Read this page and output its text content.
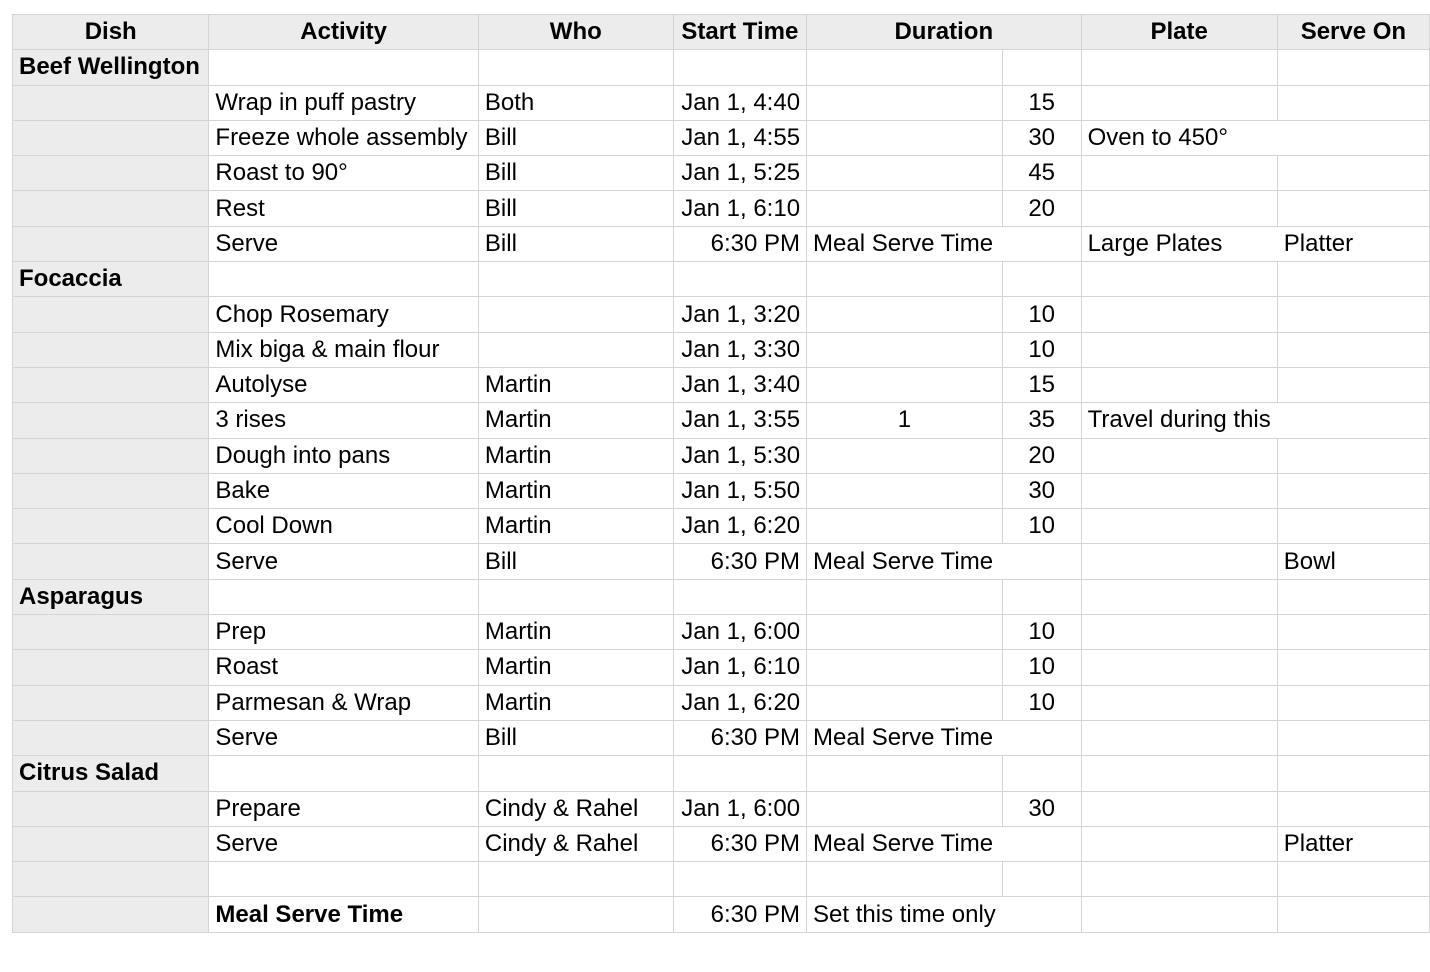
Dish	Activity	Who	Start Time	Duration		Plate	Serve On
Beef Wellington							
	Wrap in puff pastry	Both	Jan 1, 4:40		15		
	Freeze whole assembly	Bill	Jan 1, 4:55		30	Oven to 450°	
	Roast to 90°	Bill	Jan 1, 5:25		45		
	Rest	Bill	Jan 1, 6:10		20		
	Serve	Bill	6:30 PM	Meal Serve Time		Large Plates	Platter
Focaccia							
	Chop Rosemary		Jan 1, 3:20		10		
	Mix biga & main flour		Jan 1, 3:30		10		
	Autolyse	Martin	Jan 1, 3:40		15		
	3 rises	Martin	Jan 1, 3:55	1	35	Travel during this	
	Dough into pans	Martin	Jan 1, 5:30		20		
	Bake	Martin	Jan 1, 5:50		30		
	Cool Down	Martin	Jan 1, 6:20		10		
	Serve	Bill	6:30 PM	Meal Serve Time			Bowl
Asparagus							
	Prep	Martin	Jan 1, 6:00		10		
	Roast	Martin	Jan 1, 6:10		10		
	Parmesan & Wrap	Martin	Jan 1, 6:20		10		
	Serve	Bill	6:30 PM	Meal Serve Time			
Citrus Salad							
	Prepare	Cindy & Rahel	Jan 1, 6:00		30		
	Serve	Cindy & Rahel	6:30 PM	Meal Serve Time			Platter

	Meal Serve Time		6:30 PM	Set this time only			
